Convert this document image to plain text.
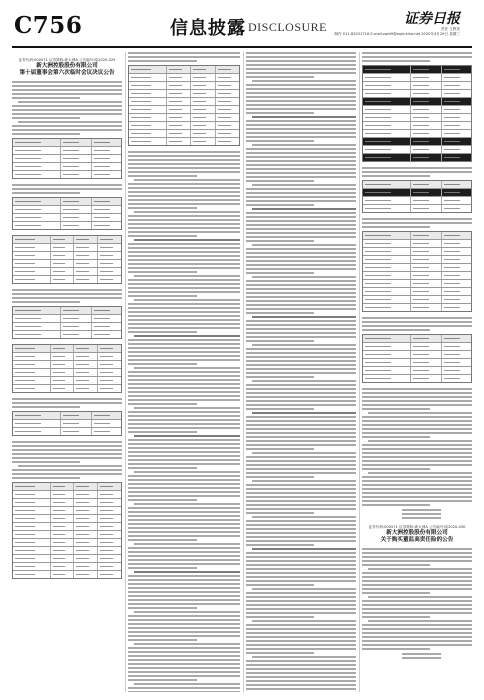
C756	信息披露 DISCLOSURE	证券日报
责任 王教美
制作 011-83251716 E-mail:zqrb9@zqrb.sina.net 2020年4月29日 星期三
证券代码:000571 证券简称:新大洲A 公告编号:临2020-029
新大洲控股股份有限公司
第十届董事会第六次临时会议决议公告
证券代码:000571 证券简称:新大洲A 公告编号:临2020-030
新大洲控股股份有限公司
关于购买董监高责任险的公告
